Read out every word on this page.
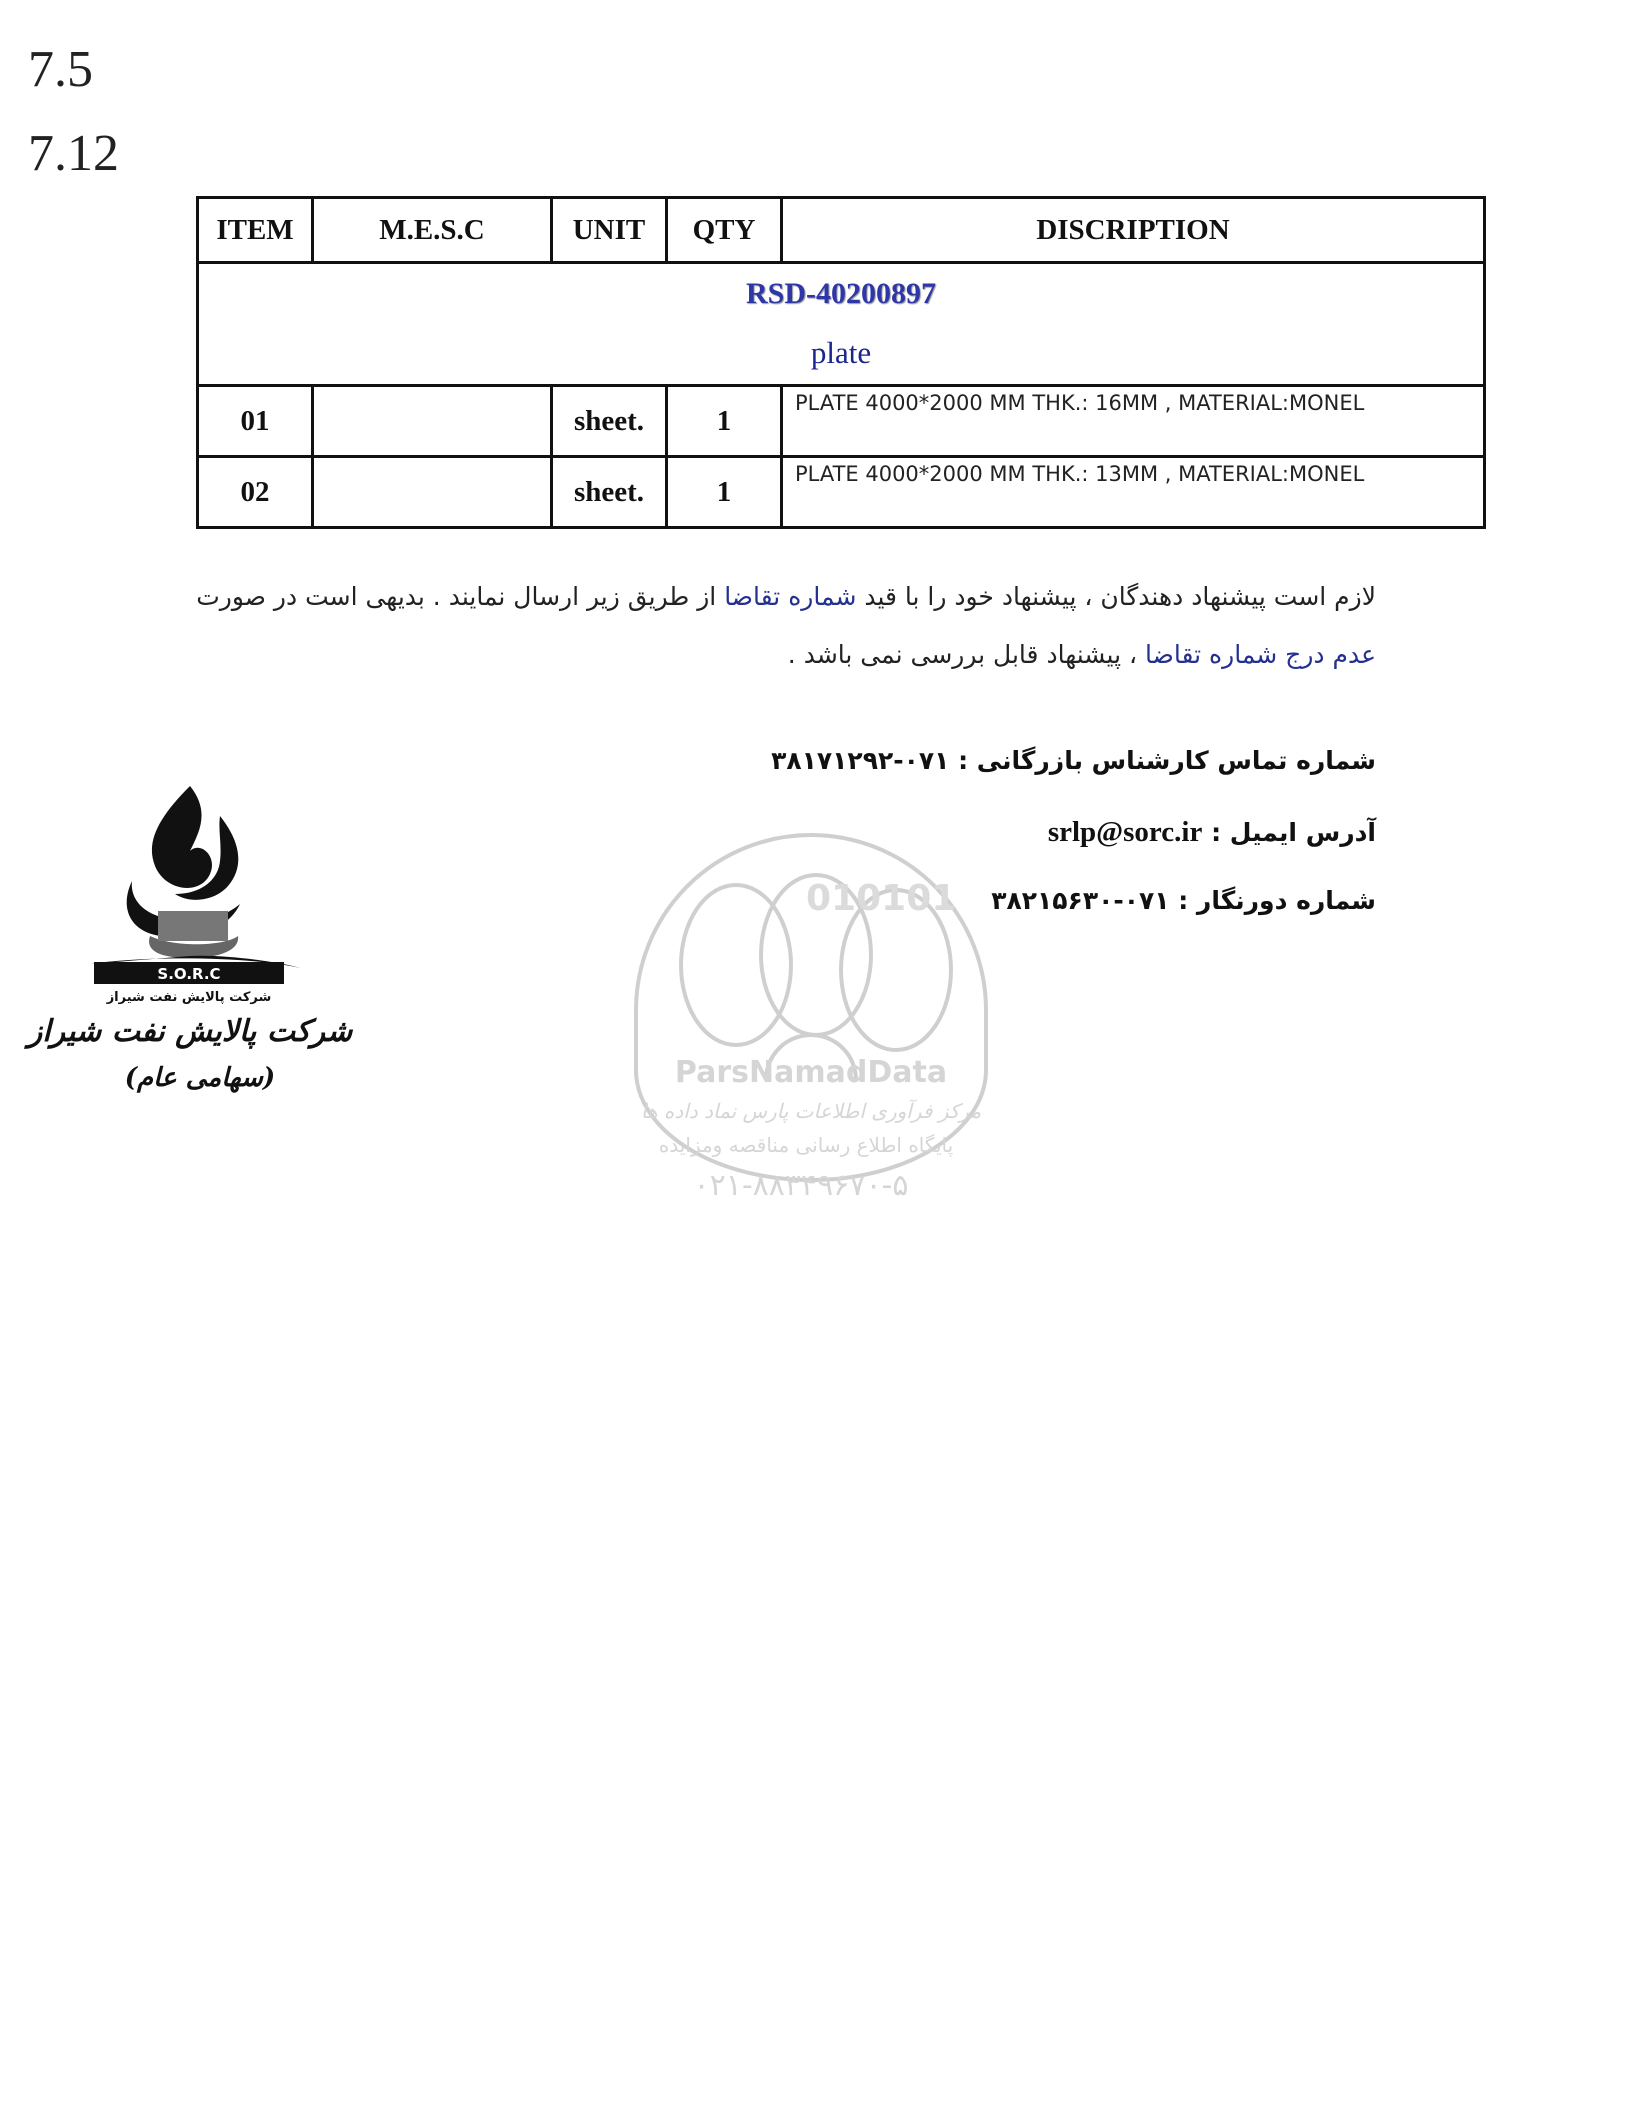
7.5
7.12
ITEM	M.E.S.C	UNIT	QTY	DISCRIPTION

RSD-40200897
plate				

01		sheet.	1	PLATE 4000*2000 MM THK.: 16MM , MATERIAL:MONEL
02		sheet.	1	PLATE 4000*2000 MM THK.: 13MM , MATERIAL:MONEL
لازم است پیشنهاد دهندگان ، پیشنهاد خود را با قید شماره تقاضا از طریق زیر ارسال نمایند . بدیهی است در صورت عدم درج شماره تقاضا ، پیشنهاد قابل بررسی نمی باشد .
شماره تماس کارشناس بازرگانی : ۰۷۱-۳۸۱۷۱۲۹۲
آدرس ایمیل : srlp@sorc.ir
شماره دورنگار : ۰۷۱-۳۸۲۱۵۶۳۰
S.O.R.C
شرکت پالایش نفت شیراز
شرکت پالایش نفت شیراز
(سهامی عام)
010101
ParsNamadData
مرکز فرآوری اطلاعات پارس نماد داده ها
پایگاه اطلاع رسانی مناقصه ومزایده
۰۲۱-۸۸۳۴۹۶۷۰-۵
